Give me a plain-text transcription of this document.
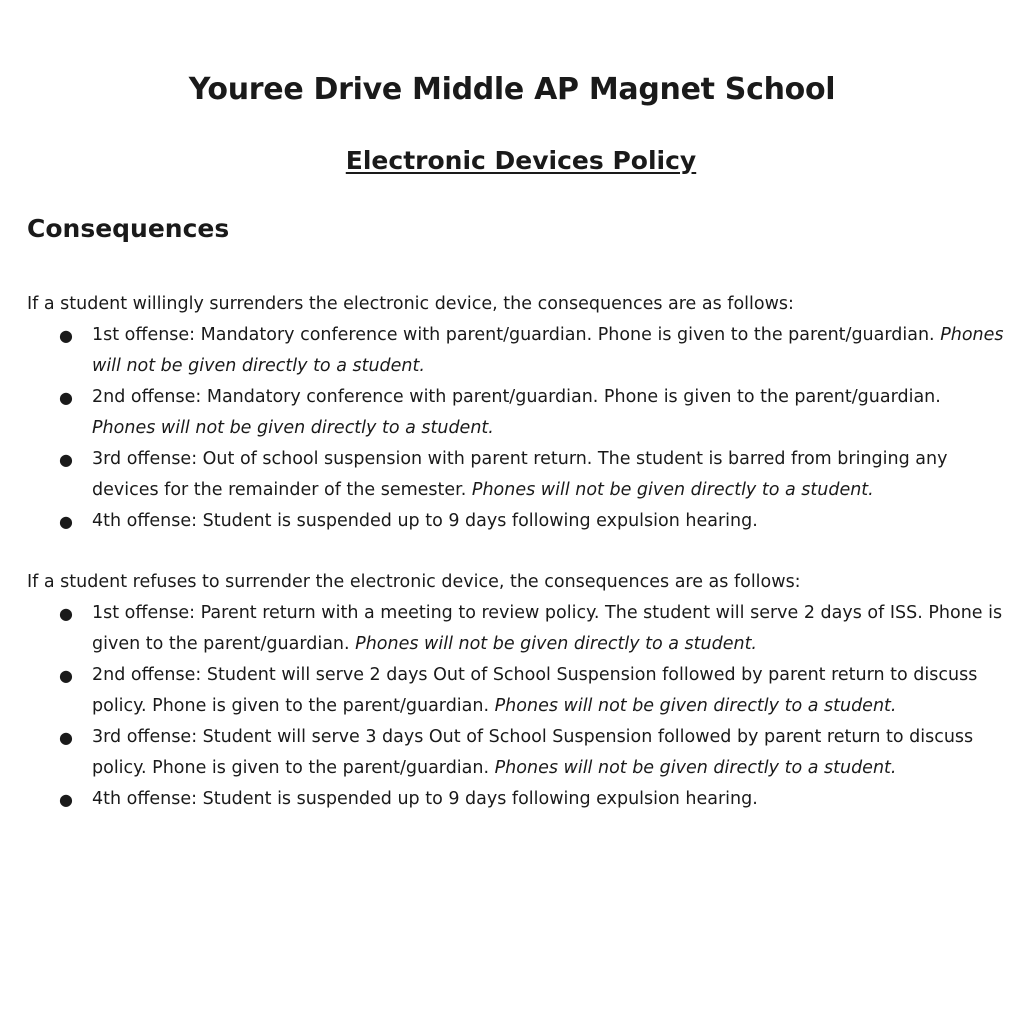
Youree Drive Middle AP Magnet School
Electronic Devices Policy
Consequences

If a student willingly surrenders the electronic device, the consequences are as follows:

● 1st offense: Mandatory conference with parent/guardian. Phone is given to the parent/guardian. Phones will not be given directly to a student.
● 2nd offense: Mandatory conference with parent/guardian. Phone is given to the parent/guardian. Phones will not be given directly to a student.
● 3rd offense: Out of school suspension with parent return. The student is barred from bringing any devices for the remainder of the semester. Phones will not be given directly to a student.
● 4th offense: Student is suspended up to 9 days following expulsion hearing.

If a student refuses to surrender the electronic device, the consequences are as follows:

● 1st offense: Parent return with a meeting to review policy. The student will serve 2 days of ISS. Phone is given to the parent/guardian. Phones will not be given directly to a student.
● 2nd offense: Student will serve 2 days Out of School Suspension followed by parent return to discuss policy. Phone is given to the parent/guardian. Phones will not be given directly to a student.
● 3rd offense: Student will serve 3 days Out of School Suspension followed by parent return to discuss policy. Phone is given to the parent/guardian. Phones will not be given directly to a student.
● 4th offense: Student is suspended up to 9 days following expulsion hearing.
